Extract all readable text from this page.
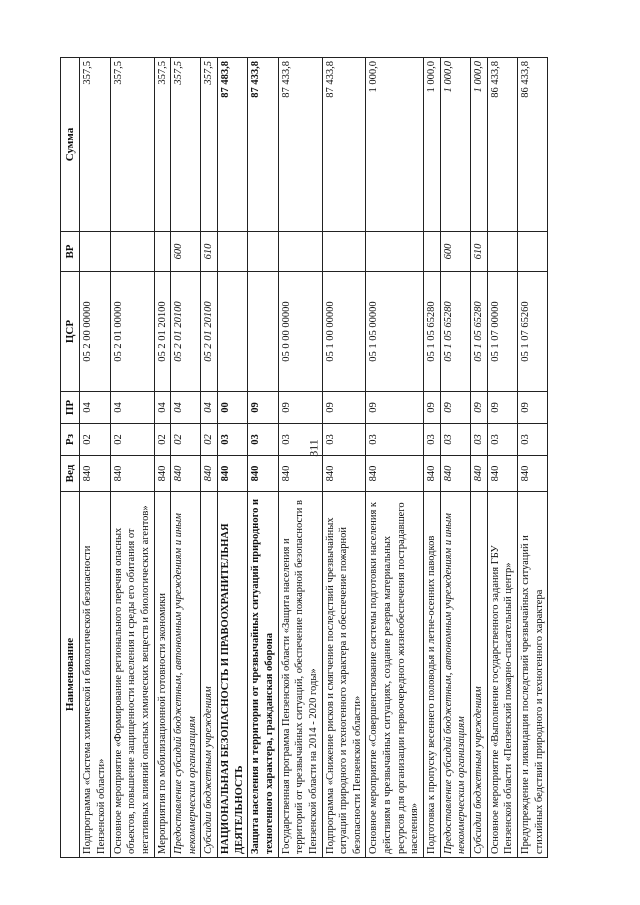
311
Наименование	Вед	Рз	ПР	ЦСР	ВР	Сумма
Подпрограмма «Система химической и биологической безопасности Пензенской области»	840	02	04	05 2 00 00000		357,5
Основное мероприятие «Формирование регионального перечня опасных объектов, повышение защищенности населения и среды его обитания от негативных влияний опасных химических веществ и биологических агентов»	840	02	04	05 2 01 00000		357,5
Мероприятия по мобилизационной готовности экономики	840	02	04	05 2 01 20100		357,5
Предоставление субсидий бюджетным, автономным учреждениям и иным некоммерческим организациям	840	02	04	05 2 01 20100	600	357,5
Субсидии бюджетным учреждениям	840	02	04	05 2 01 20100	610	357,5
НАЦИОНАЛЬНАЯ БЕЗОПАСНОСТЬ И ПРАВООХРАНИТЕЛЬНАЯ ДЕЯТЕЛЬНОСТЬ	840	03	00			87 483,8
Защита населения и территории от чрезвычайных ситуаций природного и техногенного характера, гражданская оборона	840	03	09			87 433,8
Государственная программа Пензенской области «Защита населения и территорий от чрезвычайных ситуаций, обеспечение пожарной безопасности в Пензенской области на 2014 - 2020 годы»	840	03	09	05 0 00 00000		87 433,8
Подпрограмма «Снижение рисков и смягчение последствий чрезвычайных ситуаций природного и техногенного характера и обеспечение пожарной безопасности Пензенской области»	840	03	09	05 1 00 00000		87 433,8
Основное мероприятие «Совершенствование системы подготовки населения к действиям в чрезвычайных ситуациях, создание резерва материальных ресурсов для организации первоочередного жизнеобеспечения пострадавшего населения»	840	03	09	05 1 05 00000		1 000,0
Подготовка к пропуску весеннего половодья и летне-осенних паводков	840	03	09	05 1 05 65280		1 000,0
Предоставление субсидий бюджетным, автономным учреждениям и иным некоммерческим организациям	840	03	09	05 1 05 65280	600	1 000,0
Субсидии бюджетным учреждениям	840	03	09	05 1 05 65280	610	1 000,0
Основное мероприятие «Выполнение государственного задания ГБУ Пензенской области «Пензенский пожарно-спасательный центр»	840	03	09	05 1 07 00000		86 433,8
Предупреждение и ликвидация последствий чрезвычайных ситуаций и стихийных бедствий природного и техногенного характера	840	03	09	05 1 07 65260		86 433,8
